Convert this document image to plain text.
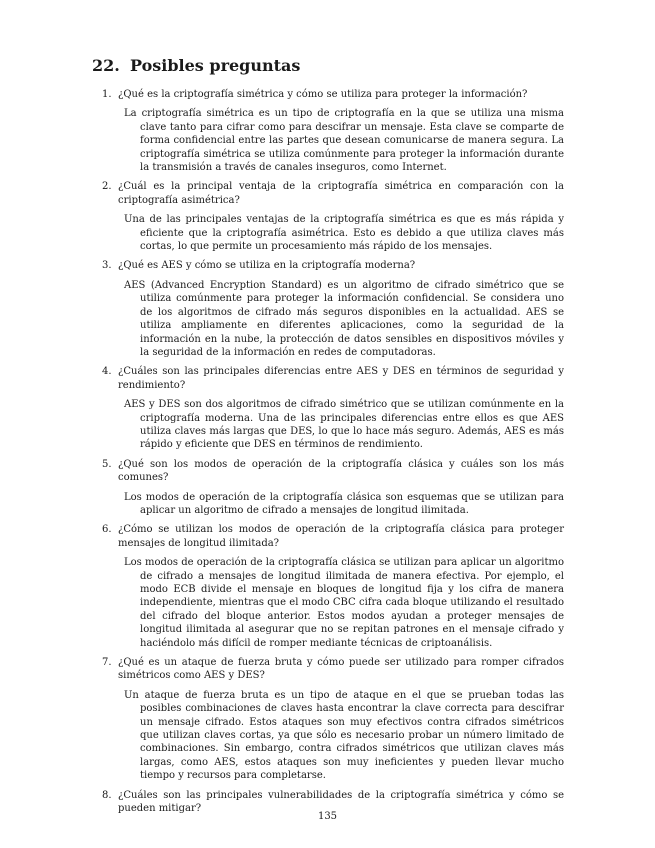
22. Posibles preguntas
1. ¿Qué es la criptografía simétrica y cómo se utiliza para proteger la información?

La criptografía simétrica es un tipo de criptografía en la que se utiliza una misma clave tanto para cifrar como para descifrar un mensaje. Esta clave se comparte de forma confidencial entre las partes que desean comunicarse de manera segura. La criptografía simétrica se utiliza comúnmente para proteger la información durante la transmisión a través de canales inseguros, como Internet.

2. ¿Cuál es la principal ventaja de la criptografía simétrica en comparación con la criptografía asimétrica?

Una de las principales ventajas de la criptografía simétrica es que es más rápida y eficiente que la criptografía asimétrica. Esto es debido a que utiliza claves más cortas, lo que permite un procesamiento más rápido de los mensajes.

3. ¿Qué es AES y cómo se utiliza en la criptografía moderna?

AES (Advanced Encryption Standard) es un algoritmo de cifrado simétrico que se utiliza comúnmente para proteger la información confidencial. Se considera uno de los algoritmos de cifrado más seguros disponibles en la actualidad. AES se utiliza ampliamente en diferentes aplicaciones, como la seguridad de la información en la nube, la protección de datos sensibles en dispositivos móviles y la seguridad de la información en redes de computadoras.

4. ¿Cuáles son las principales diferencias entre AES y DES en términos de seguridad y rendimiento?

AES y DES son dos algoritmos de cifrado simétrico que se utilizan comúnmente en la criptografía moderna. Una de las principales diferencias entre ellos es que AES utiliza claves más largas que DES, lo que lo hace más seguro. Además, AES es más rápido y eficiente que DES en términos de rendimiento.

5. ¿Qué son los modos de operación de la criptografía clásica y cuáles son los más comunes?

Los modos de operación de la criptografía clásica son esquemas que se utilizan para aplicar un algoritmo de cifrado a mensajes de longitud ilimitada.

6. ¿Cómo se utilizan los modos de operación de la criptografía clásica para proteger mensajes de longitud ilimitada?

Los modos de operación de la criptografía clásica se utilizan para aplicar un algoritmo de cifrado a mensajes de longitud ilimitada de manera efectiva. Por ejemplo, el modo ECB divide el mensaje en bloques de longitud fija y los cifra de manera independiente, mientras que el modo CBC cifra cada bloque utilizando el resultado del cifrado del bloque anterior. Estos modos ayudan a proteger mensajes de longitud ilimitada al asegurar que no se repitan patrones en el mensaje cifrado y haciéndolo más difícil de romper mediante técnicas de criptoanálisis.

7. ¿Qué es un ataque de fuerza bruta y cómo puede ser utilizado para romper cifrados simétricos como AES y DES?

Un ataque de fuerza bruta es un tipo de ataque en el que se prueban todas las posibles combinaciones de claves hasta encontrar la clave correcta para descifrar un mensaje cifrado. Estos ataques son muy efectivos contra cifrados simétricos que utilizan claves cortas, ya que sólo es necesario probar un número limitado de combinaciones. Sin embargo, contra cifrados simétricos que utilizan claves más largas, como AES, estos ataques son muy ineficientes y pueden llevar mucho tiempo y recursos para completarse.

8. ¿Cuáles son las principales vulnerabilidades de la criptografía simétrica y cómo se pueden mitigar?

135
